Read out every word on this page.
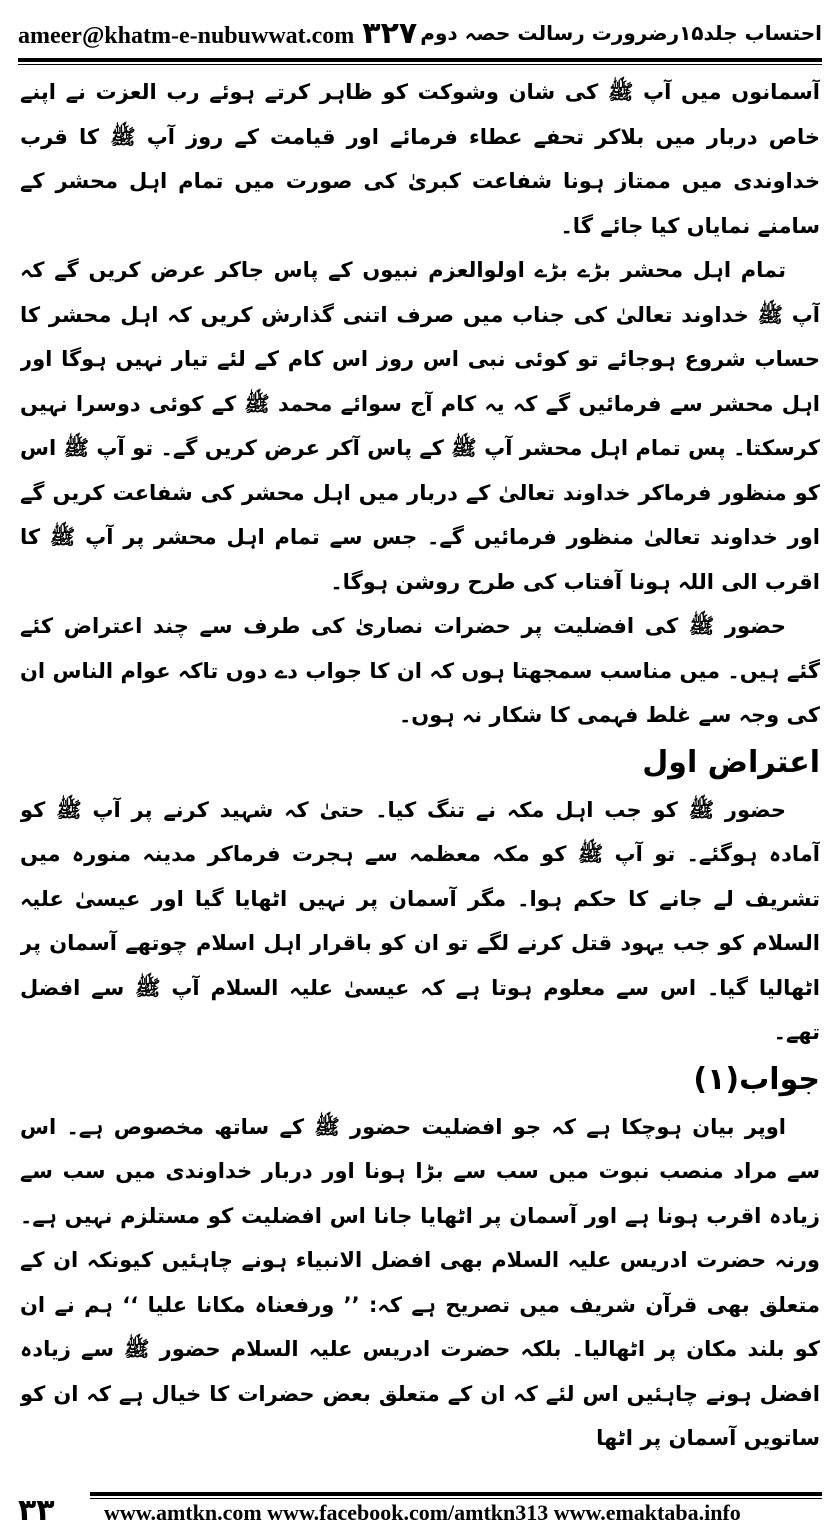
ameer@khatm-e-nubuwwat.com ۳۲۷ احتساب جلد۱۵رضرورت رسالت حصہ دوم

آسمانوں میں آپ ﷺ کی شان وشوکت کو ظاہر کرتے ہوئے رب العزت نے اپنے خاص دربار میں بلاکر تحفے عطاء فرمائے اور قیامت کے روز آپ ﷺ کا قرب خداوندی میں ممتاز ہونا شفاعت کبریٰ کی صورت میں تمام اہل محشر کے سامنے نمایاں کیا جائے گا۔

تمام اہل محشر بڑے بڑے اولوالعزم نبیوں کے پاس جاکر عرض کریں گے کہ آپ ﷺ خداوند تعالیٰ کی جناب میں صرف اتنی گذارش کریں کہ اہل محشر کا حساب شروع ہوجائے تو کوئی نبی اس روز اس کام کے لئے تیار نہیں ہوگا اور اہل محشر سے فرمائیں گے کہ یہ کام آج سوائے محمد ﷺ کے کوئی دوسرا نہیں کرسکتا۔ پس تمام اہل محشر آپ ﷺ کے پاس آکر عرض کریں گے۔ تو آپ ﷺ اس کو منظور فرماکر خداوند تعالیٰ کے دربار میں اہل محشر کی شفاعت کریں گے اور خداوند تعالیٰ منظور فرمائیں گے۔ جس سے تمام اہل محشر پر آپ ﷺ کا اقرب الی اللہ ہونا آفتاب کی طرح روشن ہوگا۔

حضور ﷺ کی افضلیت پر حضرات نصاریٰ کی طرف سے چند اعتراض کئے گئے ہیں۔ میں مناسب سمجھتا ہوں کہ ان کا جواب دے دوں تاکہ عوام الناس ان کی وجہ سے غلط فہمی کا شکار نہ ہوں۔

اعتراض اول

حضور ﷺ کو جب اہل مکہ نے تنگ کیا۔ حتیٰ کہ شہید کرنے پر آپ ﷺ کو آمادہ ہوگئے۔ تو آپ ﷺ کو مکہ معظمہ سے ہجرت فرماکر مدینہ منورہ میں تشریف لے جانے کا حکم ہوا۔ مگر آسمان پر نہیں اٹھایا گیا اور عیسیٰ علیہ السلام کو جب یہود قتل کرنے لگے تو ان کو باقرار اہل اسلام چوتھے آسمان پر اٹھالیا گیا۔ اس سے معلوم ہوتا ہے کہ عیسیٰ علیہ السلام آپ ﷺ سے افضل تھے۔

جواب(۱)

اوپر بیان ہوچکا ہے کہ جو افضلیت حضور ﷺ کے ساتھ مخصوص ہے۔ اس سے مراد منصب نبوت میں سب سے بڑا ہونا اور دربار خداوندی میں سب سے زیادہ اقرب ہونا ہے اور آسمان پر اٹھایا جانا اس افضلیت کو مستلزم نہیں ہے۔ ورنہ حضرت ادریس علیہ السلام بھی افضل الانبیاء ہونے چاہئیں کیونکہ ان کے متعلق بھی قرآن شریف میں تصریح ہے کہ: ’’ ورفعناہ مکانا علیا ‘‘ ہم نے ان کو بلند مکان پر اٹھالیا۔ بلکہ حضرت ادریس علیہ السلام حضور ﷺ سے زیادہ افضل ہونے چاہئیں اس لئے کہ ان کے متعلق بعض حضرات کا خیال ہے کہ ان کو ساتویں آسمان پر اٹھا

۳۳	www.amtkn.com www.facebook.com/amtkn313 www.emaktaba.info
